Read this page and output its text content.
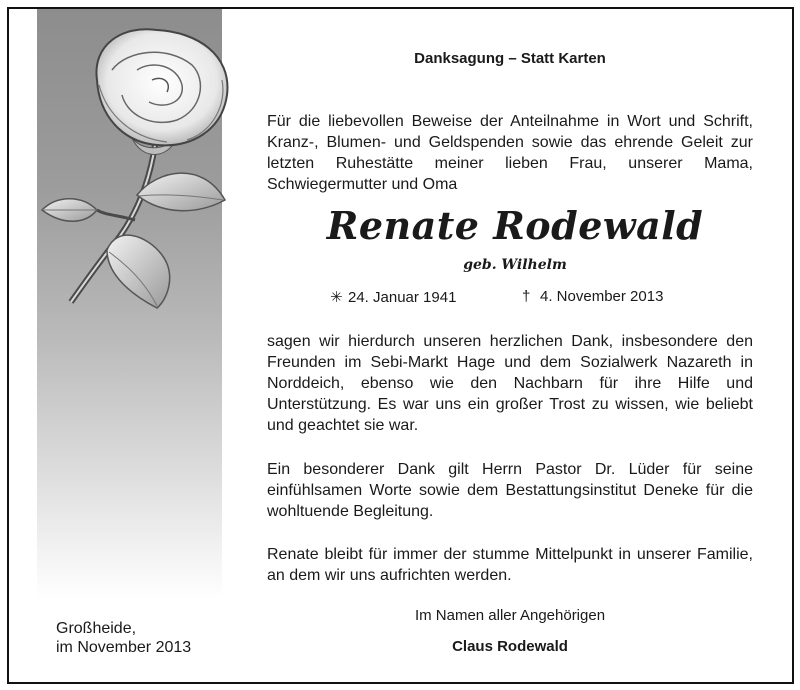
Danksagung – Statt Karten
Für die liebevollen Beweise der Anteilnahme in Wort und Schrift, Kranz-, Blumen- und Geldspenden sowie das ehrende Geleit zur letzten Ruhestätte meiner lieben Frau, unserer Mama, Schwiegermutter und Oma
Renate Rodewald
geb. Wilhelm
✳ 24. Januar 1941	† 4. November 2013
sagen wir hierdurch unseren herzlichen Dank, insbesondere den Freunden im Sebi-Markt Hage und dem Sozialwerk Nazareth in Norddeich, ebenso wie den Nachbarn für ihre Hilfe und Unterstützung. Es war uns ein großer Trost zu wissen, wie beliebt und geachtet sie war.
Ein besonderer Dank gilt Herrn Pastor Dr. Lüder für seine einfühlsamen Worte sowie dem Bestattungsinstitut Deneke für die wohltuende Begleitung.
Renate bleibt für immer der stumme Mittelpunkt in unserer Familie, an dem wir uns aufrichten werden.
Im Namen aller Angehörigen
Claus Rodewald
Großheide,
im November 2013
